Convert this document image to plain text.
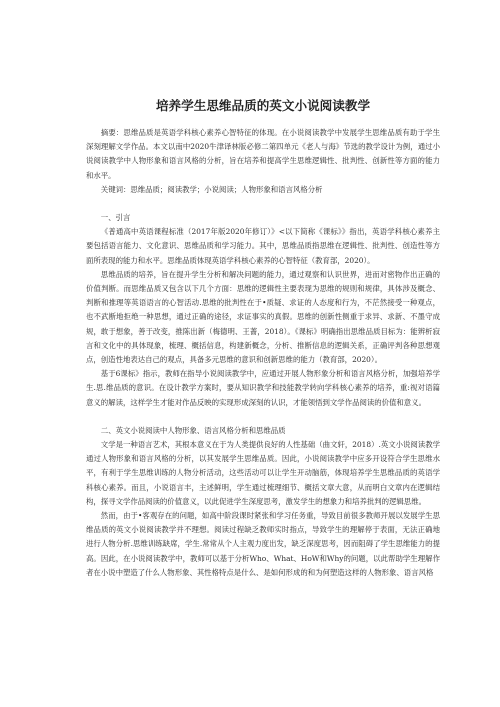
培养学生思维品质的英文小说阅读教学

摘要：思维品质是英语学科核心素养心智特征的体现。在小说阅读教学中发展学生思维品质有助于学生深刻理解文学作品。本文以南中2020牛津译林版必修二第四单元《老人与海》节选的教学设计为例，通过小说阅读教学中人物形象和语言风格的分析，旨在培养和提高学生思维逻辑性、批判性、创新性等方面的能力和水平。

关键词：思维品质；阅读教学；小说阅读；人物形象和语言风格分析

一、引言

《普通高中英语课程标准（2017年版2020年修订）》<以下简称《课标》》指出，英语学科核心素养主要包括语言能力、文化意识、思维品质和学习能力。其中，思维品质指思维在逻辑性、批判性、创造性等方面所表现的能力和水平。思维品质体现英语学科核心素养的心智特征（教育部，2020）。

思维品质的培养，旨在提升学生分析和解决问题的能力，通过观察和认识世界，进而对密物作出正确的价值判断。而思维品质又包含以下几个方面：思维的逻辑性主要表现为思维的规则和规律，具体涉及概念、判断和推理等英语语言的心智活动.思维的批判性在于•质疑、求证的人态度和行为，不茫然接受一种观点，也不武断地拒绝一种思想，通过正确的途径，求证事实的真假。思维的创新性侧重于求异、求新、不墨守成规，敢于想象，善于改变，推陈出新（梅德明、王蔷，2018）。《课标》明确指出思维品质目标为：能辨析寂言和文化中的具体现象，梳理、概括信息，构建新概念，分析、推断信息的逻辑关系，正确评判各种思想观点，创造性地表达自己的观点，具备多元思维的意识和创新思维的能力（教育部，2020）。

基于6课标》指示，教师在指导小说阅读教学中，应通过开展人物形象分析和语言风格分析，加强培养学生.思.维品质的意识。在设计教学方案时，要从知识教学和技能教学转向学科核心素养的培养，重:视对语篇意义的解读，这样学生才能对作品反映的实现形成深刻的认识，才能领悟到文学作品阅读的价值和意义。

二、英文小说阅读中人物形象、语言风格分析和思维品质

文学是一种语言艺术，其根本意义在于为人类提供良好的人性基础（曲文轩，2018）.英文小说阅读教学通过人物形象和语言风格的分析，以其发展学生思维品质。因此，小说阅读教学中应多开设符合学生思维水平，有利于学生思维训练的人物分析活动，这些活动可以让学生开动脑筋，体现培养学生思维品质的英语学科核心素养。而且，小说语言丰，主述鲜明，学生通过梳理细节、概括文章大意，从而明白文章内在逻辑结构，探寻文学作品阅读的价值意义，以此促进学生深度思考，激发学生的想象力和培养批判的逻辑思维。

然而，由于•客观存在的问题，如高中阶段课时紧张和学习任务重，导致目前很多教师开展以发展学生思维品质的英文小说阅读教学并不理想。阅读过程缺乏教师实时指点，导致学生的理解停于表面，无法正确地进行人物分析.思维训练缺席，学生.常常从个人主观力度出发，缺乏深度思考，因而阻碍了学生思维能力的提高。因此，在小说阅读教学中，教师可以基于分析Who、What、HoW和Why的问题，以此帮助学生理解作者在小说中塑造了什么人物形象、其性格特点是什么、是如何形成的和为何塑造这样的人物形象、语言风格
